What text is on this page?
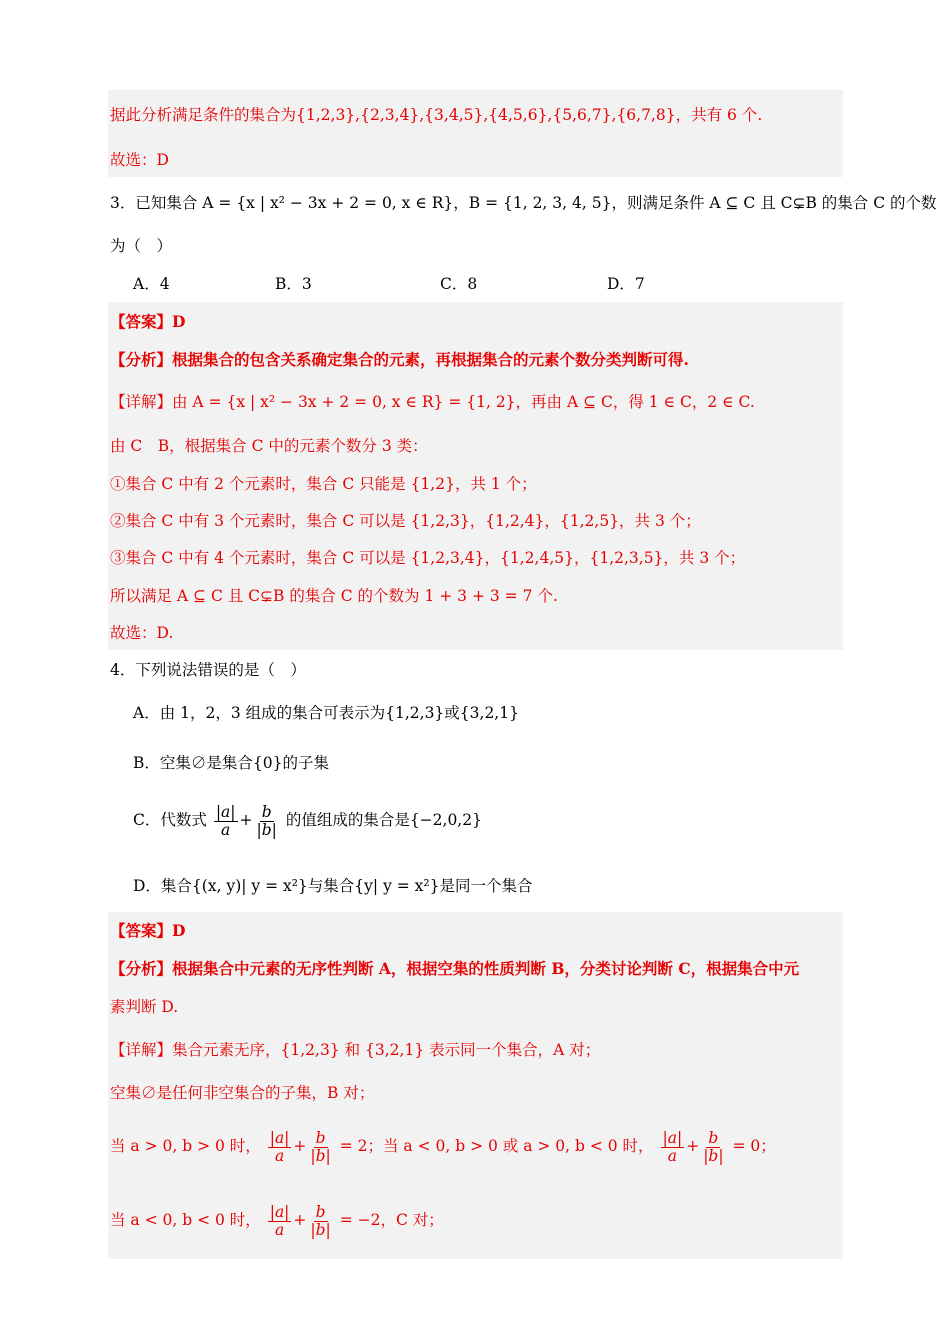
据此分析满足条件的集合为{1,2,3},{2,3,4},{3,4,5},{4,5,6},{5,6,7},{6,7,8}，共有 6 个.
故选：D
3．已知集合 A = {x | x² − 3x + 2 = 0, x ∈ R}，B = {1, 2, 3, 4, 5}，则满足条件 A ⊆ C 且 C⊊B 的集合 C 的个数
为（　）
A．4	B．3	C．8	D．7
【答案】D
【分析】根据集合的包含关系确定集合的元素，再根据集合的元素个数分类判断可得.
【详解】由 A = {x | x² − 3x + 2 = 0, x ∈ R} = {1, 2}，再由 A ⊆ C，得 1 ∈ C，2 ∈ C.
由 C　B，根据集合 C 中的元素个数分 3 类：
①集合 C 中有 2 个元素时，集合 C 只能是 {1,2}，共 1 个；
②集合 C 中有 3 个元素时，集合 C 可以是 {1,2,3}，{1,2,4}，{1,2,5}，共 3 个；
③集合 C 中有 4 个元素时，集合 C 可以是 {1,2,3,4}，{1,2,4,5}，{1,2,3,5}，共 3 个；
所以满足 A ⊆ C 且 C⊊B 的集合 C 的个数为 1 + 3 + 3 = 7 个.
故选：D.
4．下列说法错误的是（　）
A．由 1，2，3 组成的集合可表示为{1,2,3}或{3,2,1}
B．空集∅是集合{0}的子集
C．代数式 $\frac{|a|}{a} + \frac{b}{|b|}$ 的值组成的集合是{−2,0,2}
D．集合{(x, y)| y = x²}与集合{y| y = x²}是同一个集合
【答案】D
【分析】根据集合中元素的无序性判断 A，根据空集的性质判断 B，分类讨论判断 C，根据集合中元
素判断 D.
【详解】集合元素无序，{1,2,3} 和 {3,2,1} 表示同一个集合，A 对；
空集∅是任何非空集合的子集，B 对；
当 a > 0, b > 0 时， $\frac{|a|}{a} + \frac{b}{|b|} = 2$；当 a < 0, b > 0 或 a > 0, b < 0 时， $\frac{|a|}{a} + \frac{b}{|b|} = 0$；
当 a < 0, b < 0 时， $\frac{|a|}{a} + \frac{b}{|b|} = -2$，C 对；
